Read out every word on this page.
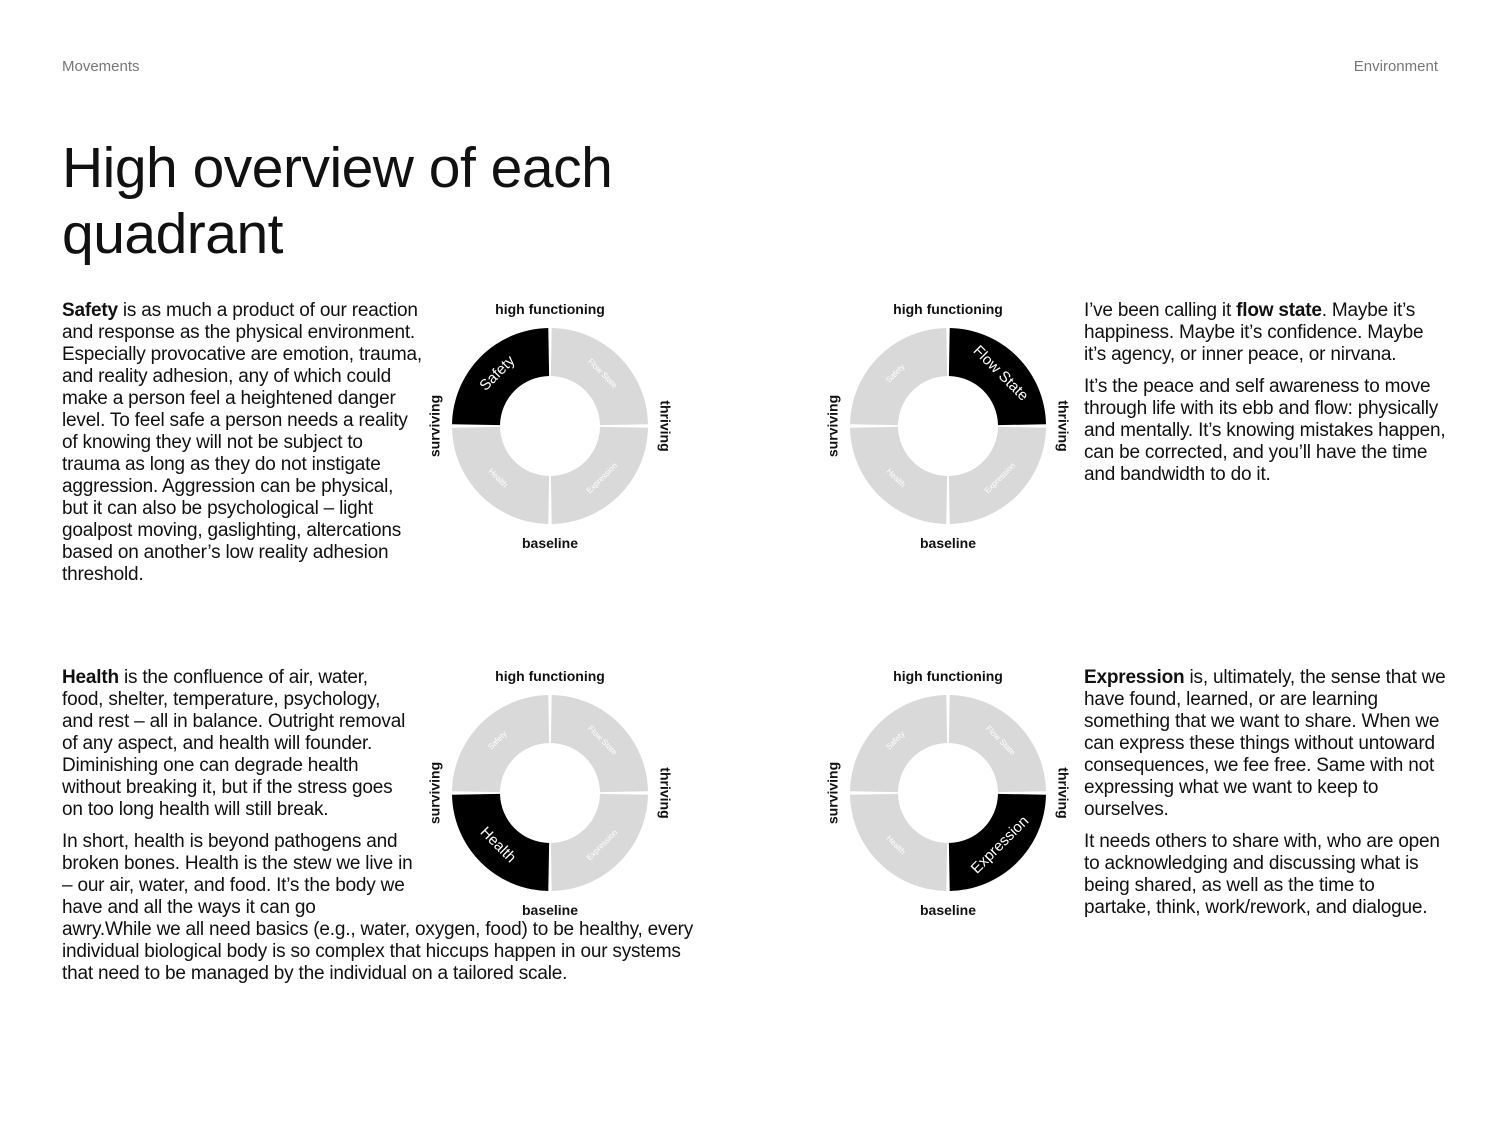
Movements	Environment
High overview of each quadrant

Safety is as much a product of our reaction and response as the physical environment. Especially provocative are emotion, trauma, and reality adhesion, any of which could make a person feel a heightened danger level. To feel safe a person needs a reality of knowing they will not be subject to trauma as long as they do not instigate aggression. Aggression can be physical, but it can also be psychological – light goalpost moving, gaslighting, altercations based on another’s low reality adhesion threshold.

I’ve been calling it flow state. Maybe it’s happiness. Maybe it’s confidence. Maybe it’s agency, or inner peace, or nirvana.

It’s the peace and self awareness to move through life with its ebb and flow: physically and mentally. It’s knowing mistakes happen, can be corrected, and you’ll have the time and bandwidth to do it.

Health is the confluence of air, water, food, shelter, temperature, psychology, and rest – all in balance. Outright removal of any aspect, and health will founder. Diminishing one can degrade health without breaking it, but if the stress goes on too long health will still break.

In short, health is beyond pathogens and broken bones. Health is the stew we live in – our air, water, and food. It’s the body we have and all the ways it can go
awry.While we all need basics (e.g., water, oxygen, food) to be healthy, every individual biological body is so complex that hiccups happen in our systems that need to be managed by the individual on a tailored scale.

Expression is, ultimately, the sense that we have found, learned, or are learning something that we want to share. When we can express these things without untoward consequences, we fee free. Same with not expressing what we want to keep to ourselves.

It needs others to share with, who are open to acknowledging and discussing what is being shared, as well as the time to partake, think, work/rework, and dialogue.

Flow State
Expression
Health
Safety
high functioning
baseline
surviving	thriving
Flow State
Expression
Health
Safety
high functioning
baseline
surviving	thriving
Flow State
Expression
Health
Safety
high functioning
baseline
surviving	thriving
Flow State
Expression
Health
Safety
high functioning
baseline
surviving	thriving
